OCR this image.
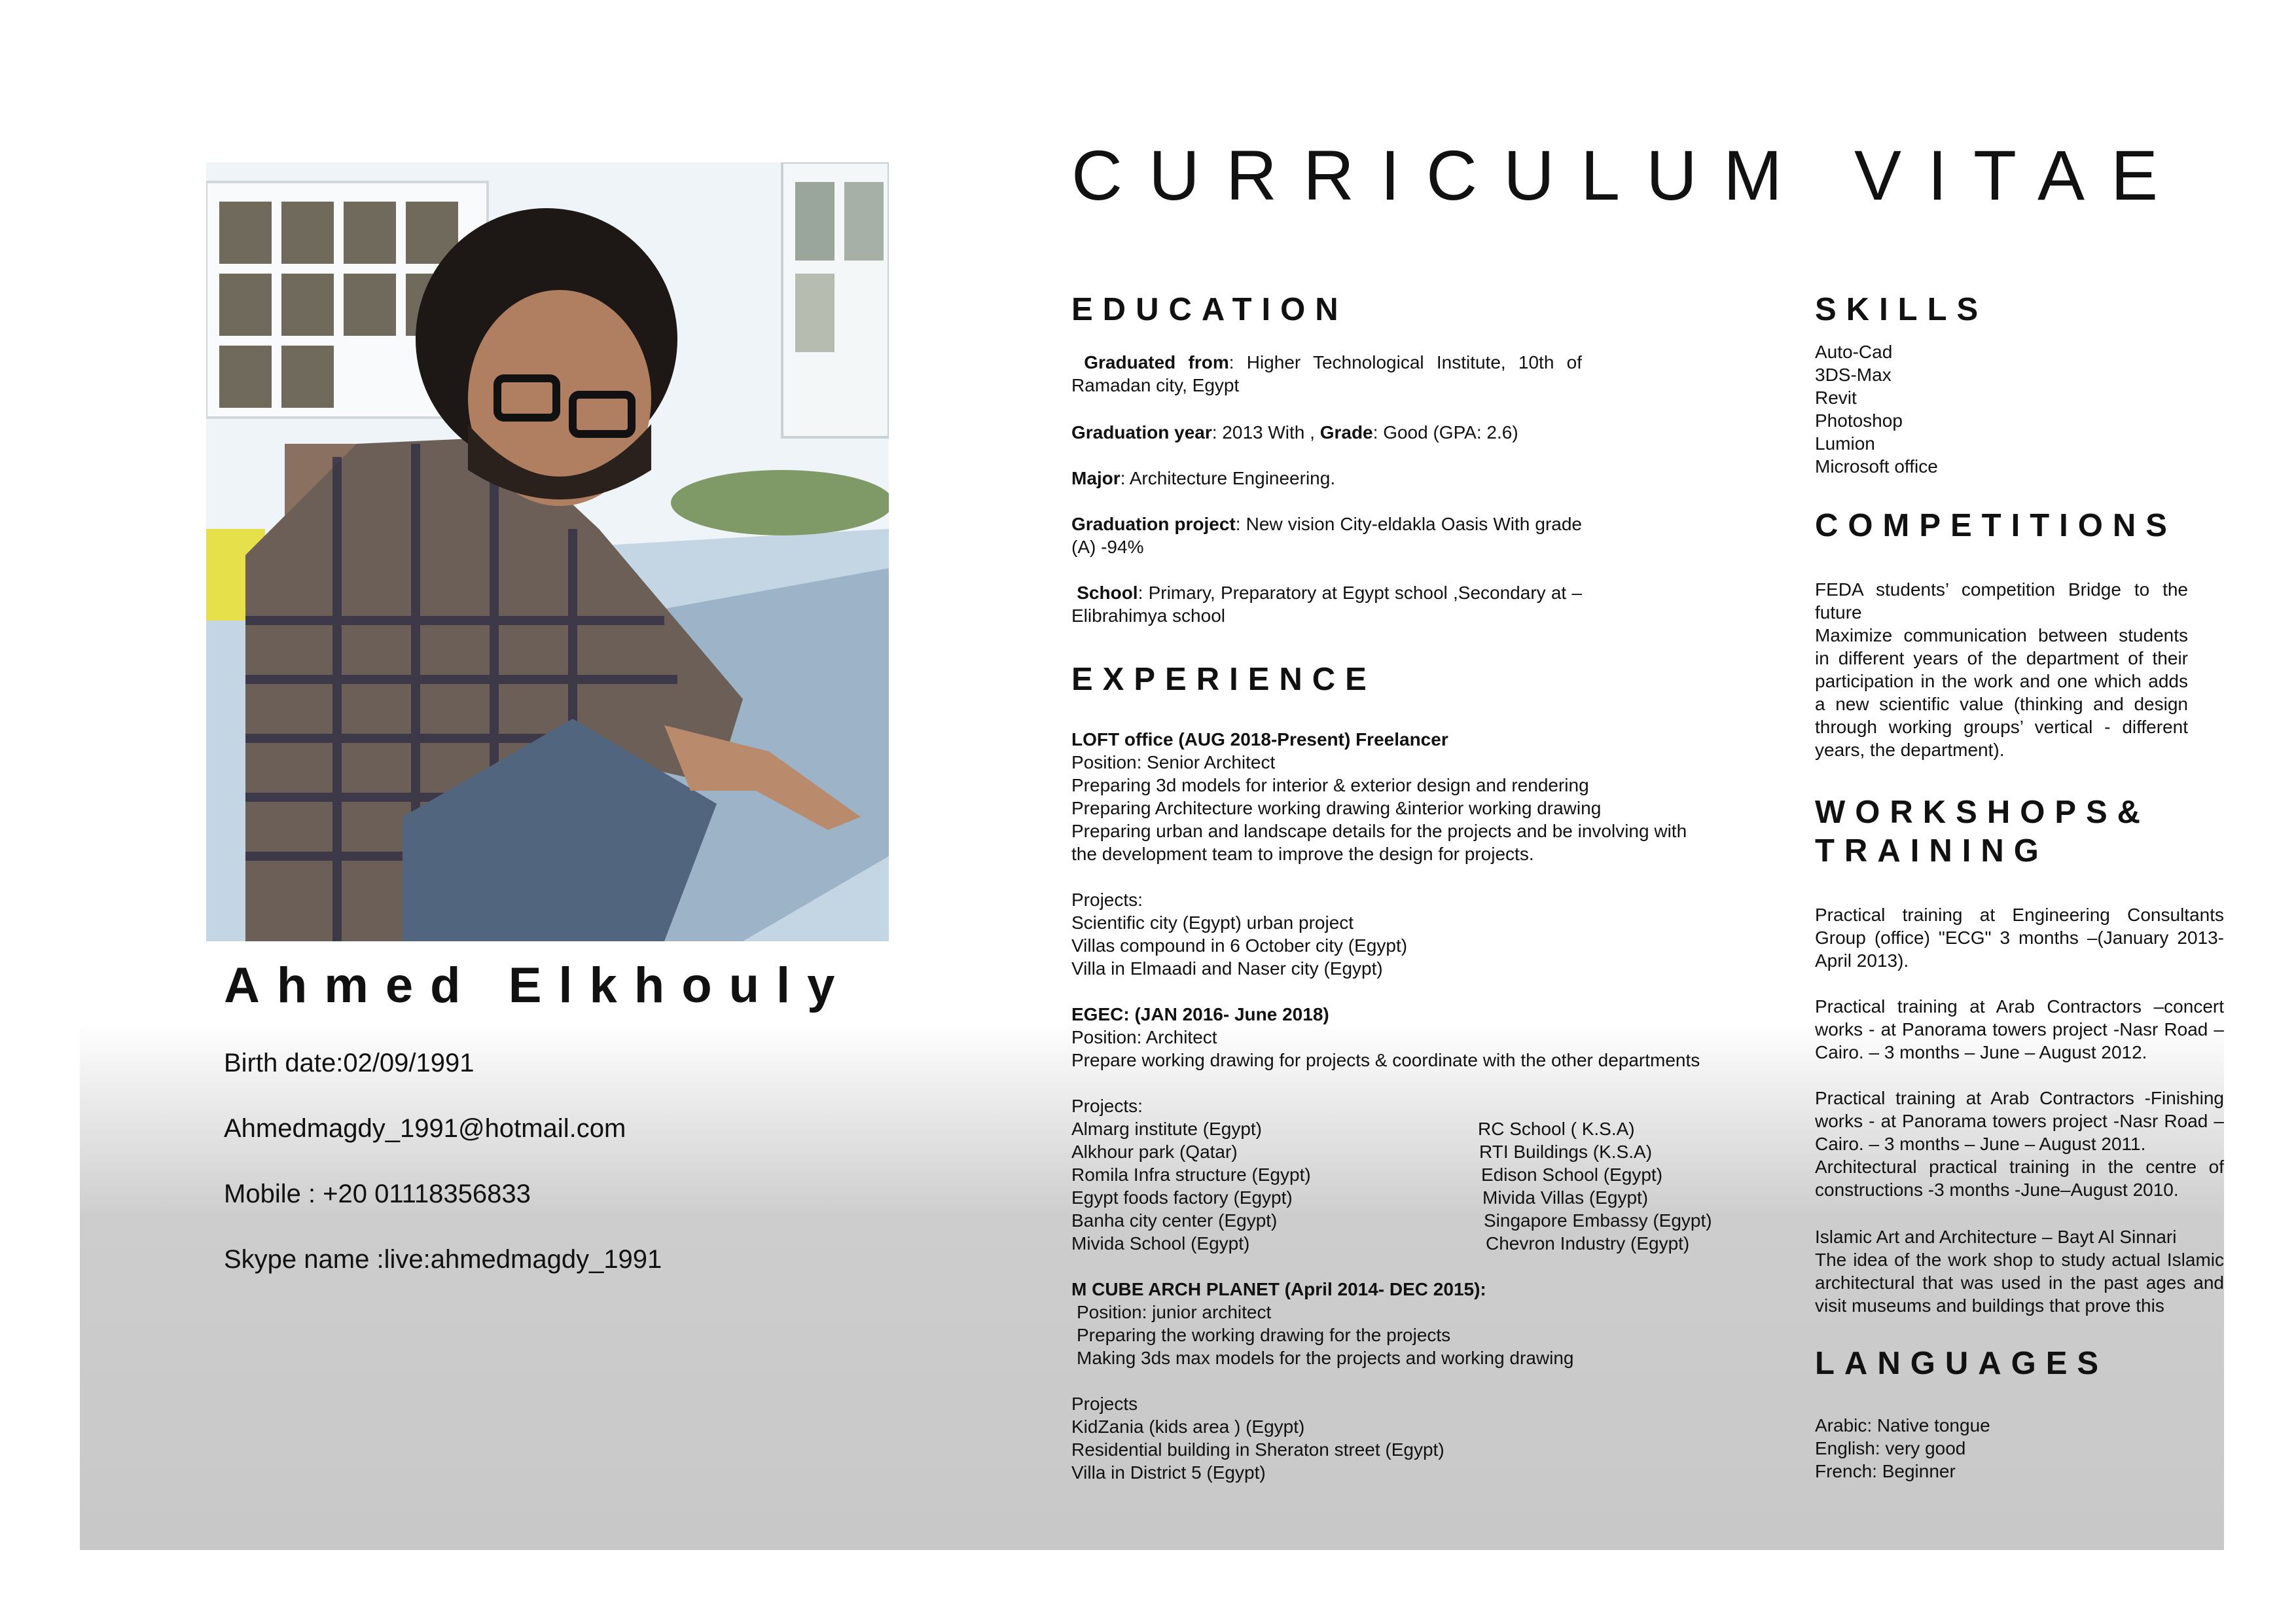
Ahmed Elkhouly
Birth date:02/09/1991
Ahmedmagdy_1991@hotmail.com
Mobile : +20 01118356833
Skype name :live:ahmedmagdy_1991
CURRICULUM VITAE
EDUCATION
Graduated from: Higher Technological Institute, 10th of Ramadan city, Egypt
Graduation year: 2013 With , Grade: Good (GPA: 2.6)
Major: Architecture Engineering.
Graduation project: New vision City-eldakla Oasis With grade (A) -94%
School: Primary, Preparatory at Egypt school ,Secondary at – Elibrahimya school
EXPERIENCE
LOFT office (AUG 2018-Present) Freelancer
Position: Senior Architect
Preparing 3d models for interior & exterior design and rendering
Preparing Architecture working drawing &interior working drawing
Preparing urban and landscape details for the projects and be involving with
the development team to improve the design for projects.

Projects:
Scientific city (Egypt) urban project
Villas compound in 6 October city (Egypt)
Villa in Elmaadi and Naser city (Egypt)
EGEC: (JAN 2016- June 2018)
Position: Architect
Prepare working drawing for projects & coordinate with the other departments

Projects:
Almarg institute (Egypt)
Alkhour park (Qatar)
Romila Infra structure (Egypt)
Egypt foods factory (Egypt)
Banha city center (Egypt)
Mivida School (Egypt)
RC School ( K.S.A)
RTI Buildings (K.S.A)
Edison School (Egypt)
Mivida Villas (Egypt)
Singapore Embassy (Egypt)
Chevron Industry (Egypt)
M CUBE ARCH PLANET (April 2014- DEC 2015):
Position: junior architect
Preparing the working drawing for the projects
Making 3ds max models for the projects and working drawing

Projects
KidZania (kids area ) (Egypt)
Residential building in Sheraton street (Egypt)
Villa in District 5 (Egypt)
SKILLS
Auto-Cad
3DS-Max
Revit
Photoshop
Lumion
Microsoft office
COMPETITIONS
FEDA students’ competition Bridge to the future
Maximize communication between students in different years of the department of their participation in the work and one which adds a new scientific value (thinking and design through working groups’ vertical - different years, the department).
WORKSHOPS&
TRAINING
Practical training at Engineering Consultants Group (office) "ECG" 3 months –(January 2013-April 2013).
Practical training at Arab Contractors –concert works - at Panorama towers project -Nasr Road – Cairo. – 3 months – June – August 2012.
Practical training at Arab Contractors -Finishing works - at Panorama towers project -Nasr Road – Cairo. – 3 months – June – August 2011.
Architectural practical training in the centre of constructions -3 months -June–August 2010.
Islamic Art and Architecture – Bayt Al Sinnari
The idea of the work shop to study actual Islamic architectural that was used in the past ages and visit museums and buildings that prove this
LANGUAGES
Arabic: Native tongue
English: very good
French: Beginner
